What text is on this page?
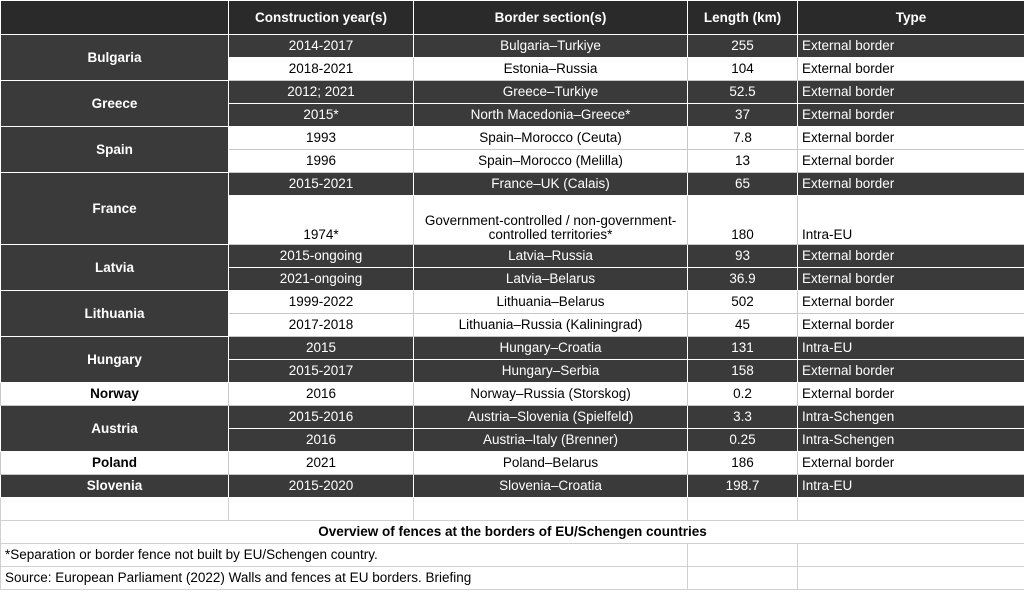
	Construction year(s)	Border section(s)	Length (km)	Type
Bulgaria	2014-2017	Bulgaria–Turkiye	255	External border
	2018-2021	Estonia–Russia	104	External border
Greece	2012; 2021	Greece–Turkiye	52.5	External border
	2015*	North Macedonia–Greece*	37	External border
Spain	1993	Spain–Morocco (Ceuta)	7.8	External border
	1996	Spain–Morocco (Melilla)	13	External border
France	2015-2021	France–UK (Calais)	65	External border
	1974*	Government-controlled / non-government-controlled territories*	180	Intra-EU
Latvia	2015-ongoing	Latvia–Russia	93	External border
	2021-ongoing	Latvia–Belarus	36.9	External border
Lithuania	1999-2022	Lithuania–Belarus	502	External border
	2017-2018	Lithuania–Russia (Kaliningrad)	45	External border
Hungary	2015	Hungary–Croatia	131	Intra-EU
	2015-2017	Hungary–Serbia	158	External border
Norway	2016	Norway–Russia (Storskog)	0.2	External border
Austria	2015-2016	Austria–Slovenia (Spielfeld)	3.3	Intra-Schengen
	2016	Austria–Italy (Brenner)	0.25	Intra-Schengen
Poland	2021	Poland–Belarus	186	External border
Slovenia	2015-2020	Slovenia–Croatia	198.7	Intra-EU

Overview of fences at the borders of EU/Schengen countries				
*Separation or border fence not built by EU/Schengen country.				
Source: European Parliament (2022) Walls and fences at EU borders. Briefing				
